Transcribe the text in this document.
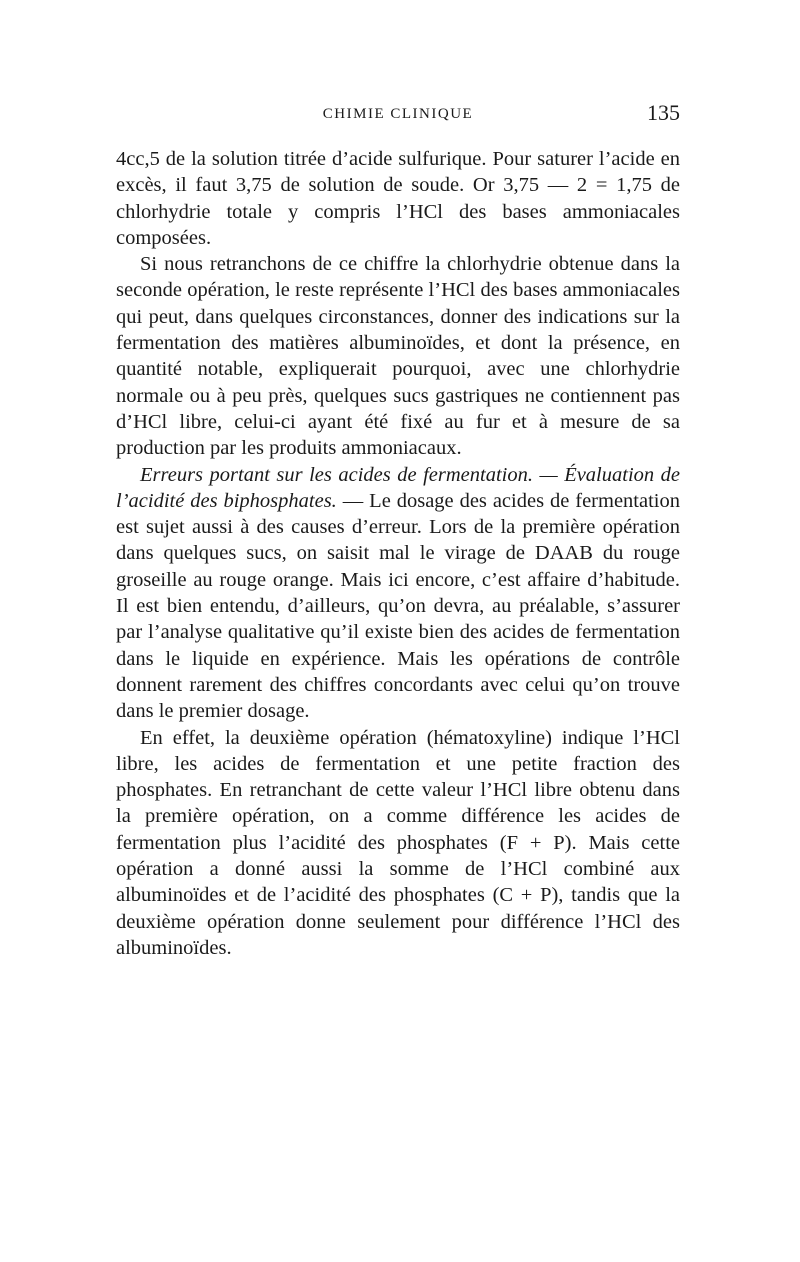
CHIMIE CLINIQUE	135

4cc,5 de la solution titrée d’acide sulfurique. Pour saturer l’acide en excès, il faut 3,75 de solution de soude. Or 3,75 — 2 = 1,75 de chlorhydrie totale y compris l’HCl des bases ammoniacales composées.

Si nous retranchons de ce chiffre la chlorhydrie obtenue dans la seconde opération, le reste représente l’HCl des bases ammoniacales qui peut, dans quelques circonstances, donner des indications sur la fermentation des matières albuminoïdes, et dont la présence, en quantité notable, expliquerait pourquoi, avec une chlorhydrie normale ou à peu près, quelques sucs gastriques ne contiennent pas d’HCl libre, celui-ci ayant été fixé au fur et à mesure de sa production par les produits ammoniacaux.

Erreurs portant sur les acides de fermentation. — Évaluation de l’acidité des biphosphates. — Le dosage des acides de fermentation est sujet aussi à des causes d’erreur. Lors de la première opération dans quelques sucs, on saisit mal le virage de DAAB du rouge groseille au rouge orange. Mais ici encore, c’est affaire d’habitude. Il est bien entendu, d’ailleurs, qu’on devra, au préalable, s’assurer par l’analyse qualitative qu’il existe bien des acides de fermentation dans le liquide en expérience. Mais les opérations de contrôle donnent rarement des chiffres concordants avec celui qu’on trouve dans le premier dosage.

En effet, la deuxième opération (hématoxyline) indique l’HCl libre, les acides de fermentation et une petite fraction des phosphates. En retranchant de cette valeur l’HCl libre obtenu dans la première opération, on a comme différence les acides de fermentation plus l’acidité des phosphates (F + P). Mais cette opération a donné aussi la somme de l’HCl combiné aux albuminoïdes et de l’acidité des phosphates (C + P), tandis que la deuxième opération donne seulement pour différence l’HCl des albuminoïdes.
